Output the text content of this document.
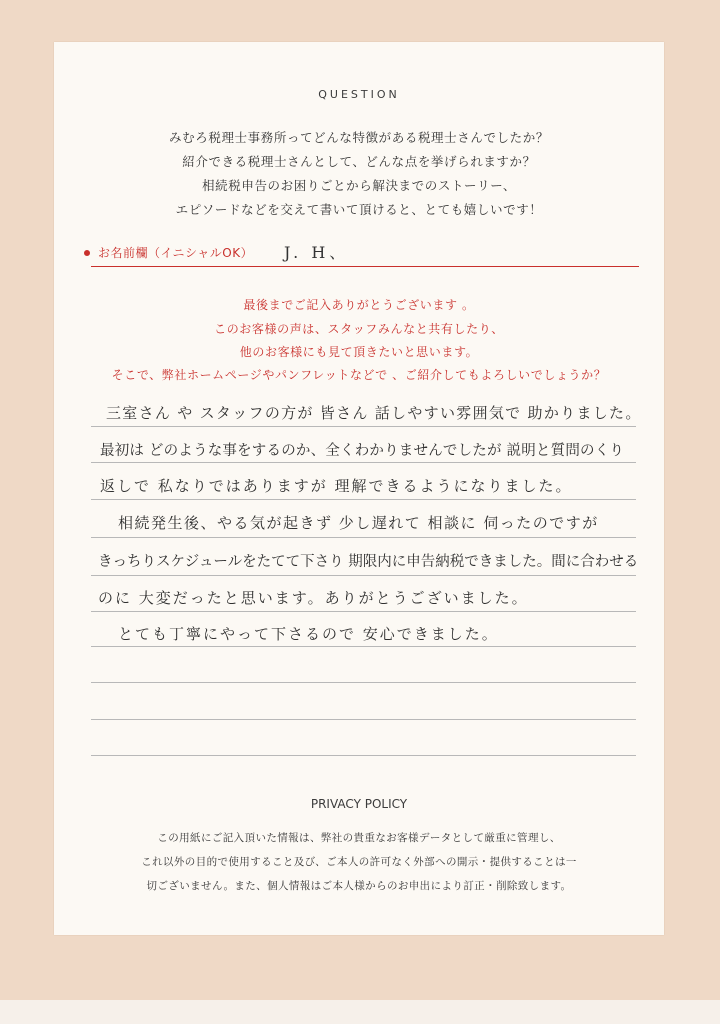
QUESTION
みむろ税理士事務所ってどんな特徴がある税理士さんでしたか？
紹介できる税理士さんとして、どんな点を挙げられますか？
相続税申告のお困りごとから解決までのストーリー、
エピソードなどを交えて書いて頂けると、とても嬉しいです！
お名前欄（イニシャルOK） J. H、
最後までご記入ありがとうございます 。
このお客様の声は、スタッフみんなと共有したり、
他のお客様にも見て頂きたいと思います。
そこで、弊社ホームページやパンフレットなどで 、ご紹介してもよろしいでしょうか？
三室さん や スタッフの方が 皆さん 話しやすい雰囲気で 助かりました。
最初は どのような事をするのか、全くわかりませんでしたが 説明と質問のくり
返しで 私なりではありますが 理解できるようになりました。
相続発生後、やる気が起きず 少し遅れて 相談に 伺ったのですが
きっちりスケジュールをたてて下さり 期限内に申告納税できました。間に合わせる
のに 大変だったと思います。ありがとうございました。
とても丁寧にやって下さるので 安心できました。
PRIVACY POLICY
この用紙にご記入頂いた情報は、弊社の貴重なお客様データとして厳重に管理し、
これ以外の目的で使用すること及び、ご本人の許可なく外部への開示・提供することは一
切ございません。また、個人情報はご本人様からのお申出により訂正・削除致します。
